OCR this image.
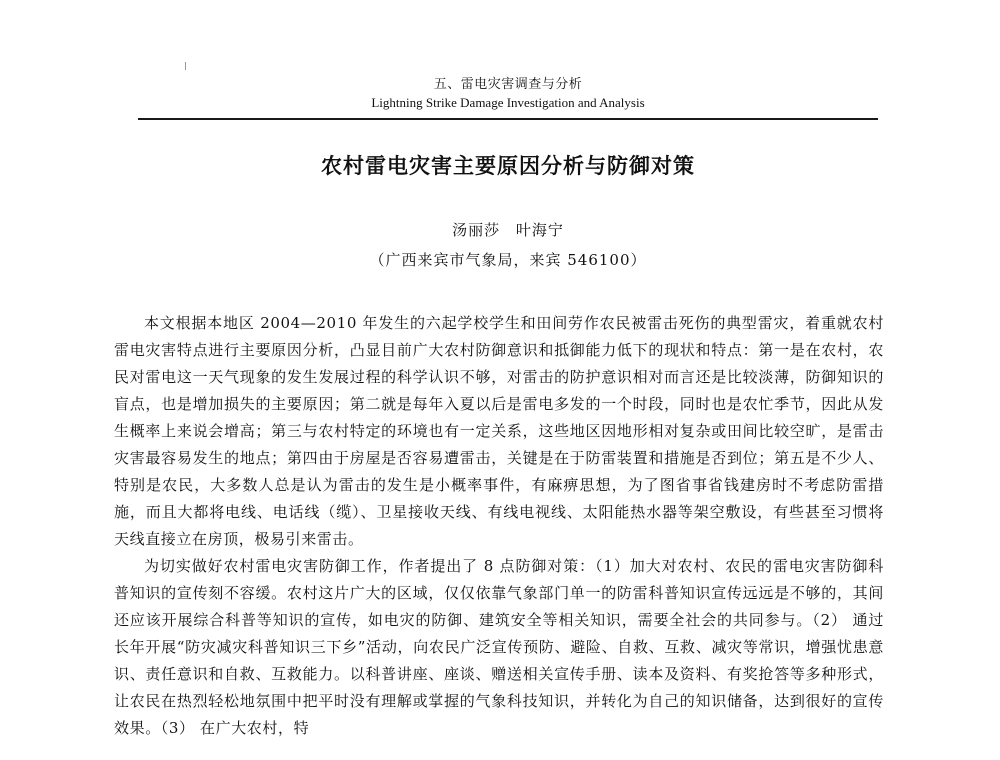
五、雷电灾害调查与分析
Lightning Strike Damage Investigation and Analysis
农村雷电灾害主要原因分析与防御对策
汤丽莎 叶海宁
（广西来宾市气象局，来宾 546100）

本文根据本地区 2004—2010 年发生的六起学校学生和田间劳作农民被雷击死伤的典型雷灾，着重就农村雷电灾害特点进行主要原因分析，凸显目前广大农村防御意识和抵御能力低下的现状和特点：第一是在农村，农民对雷电这一天气现象的发生发展过程的科学认识不够，对雷击的防护意识相对而言还是比较淡薄，防御知识的盲点，也是增加损失的主要原因；第二就是每年入夏以后是雷电多发的一个时段，同时也是农忙季节，因此从发生概率上来说会增高；第三与农村特定的环境也有一定关系，这些地区因地形相对复杂或田间比较空旷，是雷击灾害最容易发生的地点；第四由于房屋是否容易遭雷击，关键是在于防雷装置和措施是否到位；第五是不少人、特别是农民，大多数人总是认为雷击的发生是小概率事件，有麻痹思想，为了图省事省钱建房时不考虑防雷措施，而且大都将电线、电话线（缆）、卫星接收天线、有线电视线、太阳能热水器等架空敷设，有些甚至习惯将天线直接立在房顶，极易引来雷击。

为切实做好农村雷电灾害防御工作，作者提出了 8 点防御对策：（1）加大对农村、农民的雷电灾害防御科普知识的宣传刻不容缓。农村这片广大的区域，仅仅依靠气象部门单一的防雷科普知识宣传远远是不够的，其间还应该开展综合科普等知识的宣传，如电灾的防御、建筑安全等相关知识，需要全社会的共同参与。（2） 通过长年开展“防灾减灾科普知识三下乡”活动，向农民广泛宣传预防、避险、自救、互救、减灾等常识，增强忧患意识、责任意识和自救、互救能力。以科普讲座、座谈、赠送相关宣传手册、读本及资料、有奖抢答等多种形式，让农民在热烈轻松地氛围中把平时没有理解或掌握的气象科技知识，并转化为自己的知识储备，达到很好的宣传效果。（3） 在广大农村，特
